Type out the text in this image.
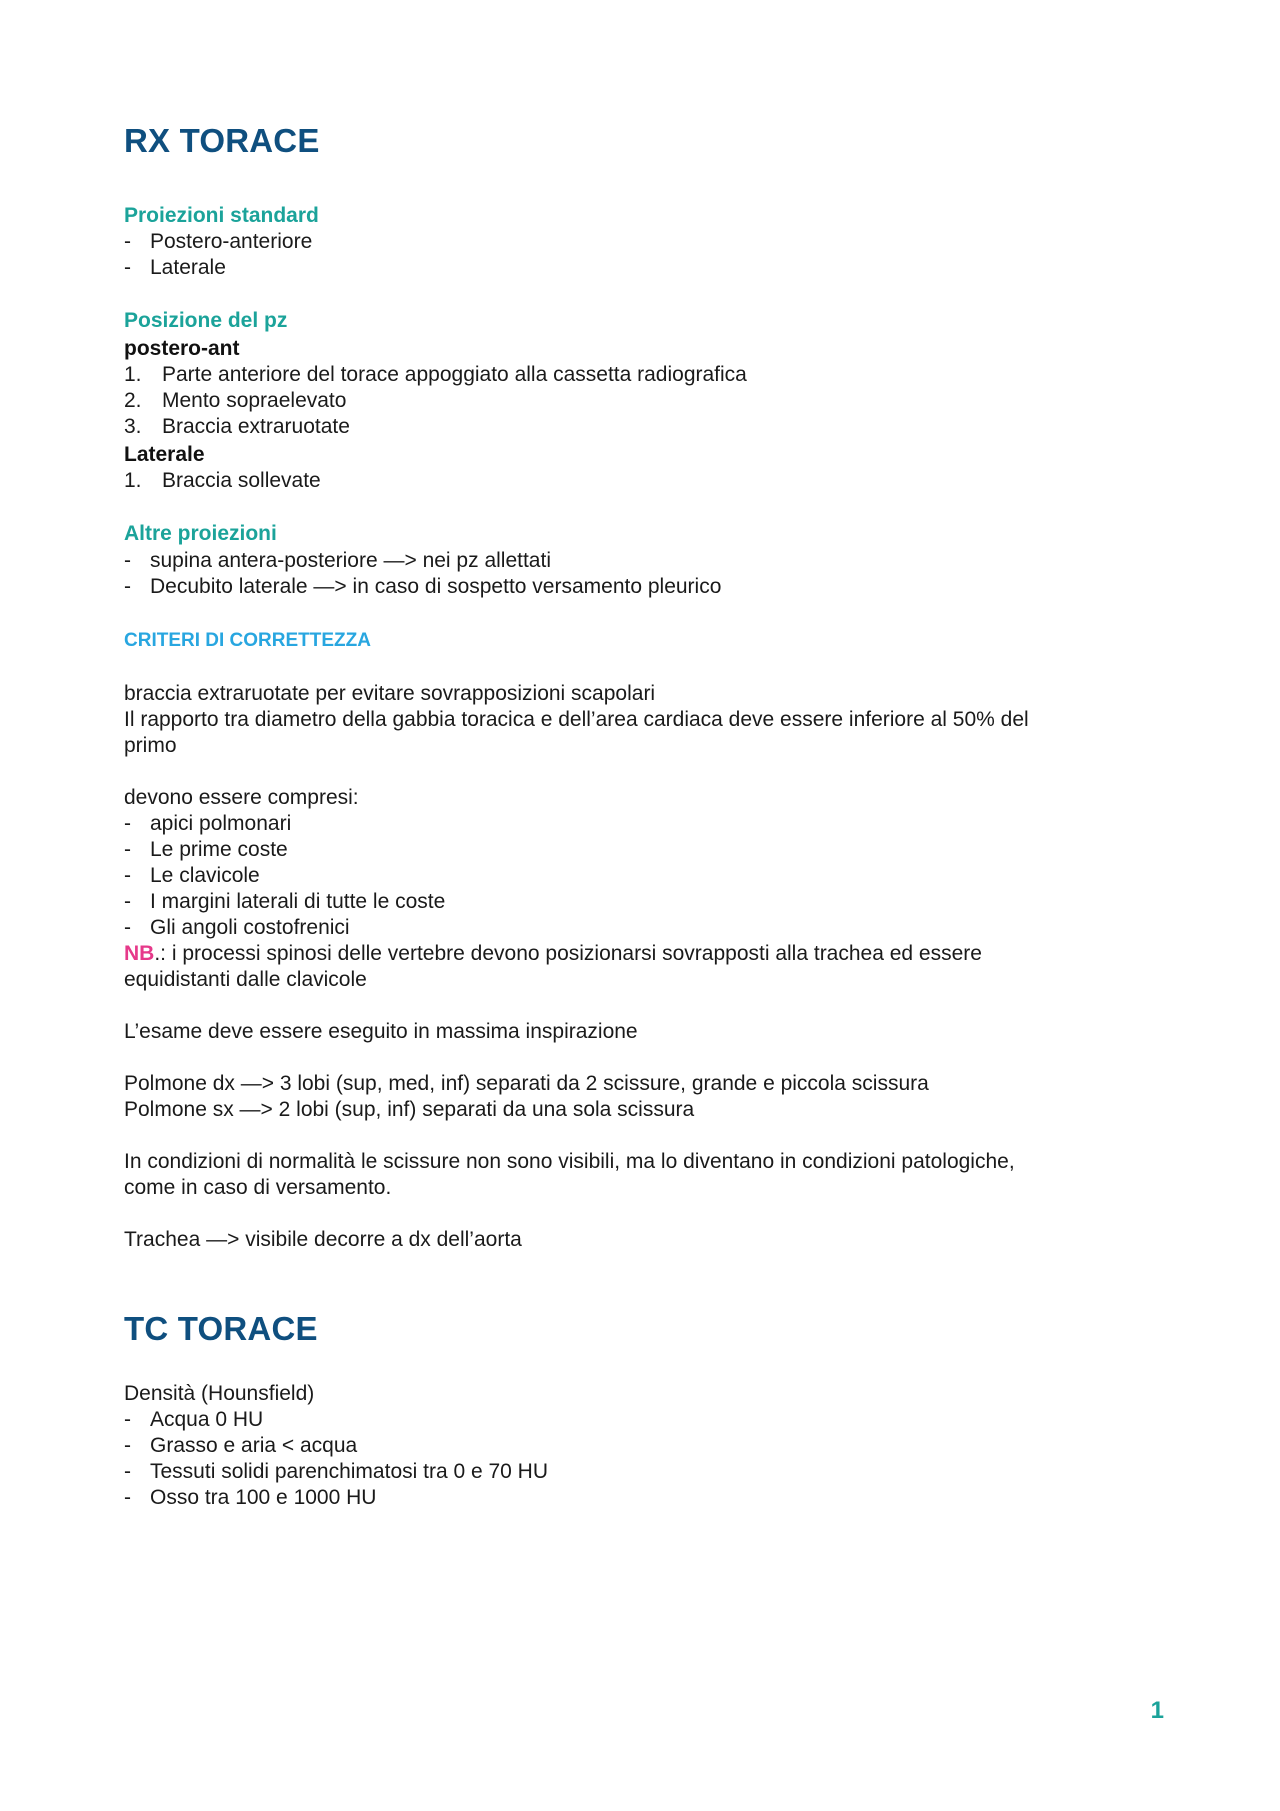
RX TORACE
Proiezioni standard
- Postero-anteriore
- Laterale
Posizione del pz
postero-ant
1. Parte anteriore del torace appoggiato alla cassetta radiografica
2. Mento sopraelevato
3. Braccia extraruotate
Laterale
1. Braccia sollevate
Altre proiezioni
- supina antera-posteriore —> nei pz allettati
- Decubito laterale —> in caso di sospetto versamento pleurico
CRITERI DI CORRETTEZZA
braccia extraruotate per evitare sovrapposizioni scapolari
Il rapporto tra diametro della gabbia toracica e dell’area cardiaca deve essere inferiore al 50% del
primo
devono essere compresi:
- apici polmonari
- Le prime coste
- Le clavicole
- I margini laterali di tutte le coste
- Gli angoli costofrenici
NB.: i processi spinosi delle vertebre devono posizionarsi sovrapposti alla trachea ed essere
equidistanti dalle clavicole
L’esame deve essere eseguito in massima inspirazione
Polmone dx —> 3 lobi (sup, med, inf) separati da 2 scissure, grande e piccola scissura
Polmone sx —> 2 lobi (sup, inf) separati da una sola scissura
In condizioni di normalità le scissure non sono visibili, ma lo diventano in condizioni patologiche,
come in caso di versamento.
Trachea —> visibile decorre a dx dell’aorta
TC TORACE
Densità (Hounsfield)
- Acqua 0 HU
- Grasso e aria < acqua
- Tessuti solidi parenchimatosi tra 0 e 70 HU
- Osso tra 100 e 1000 HU
1
